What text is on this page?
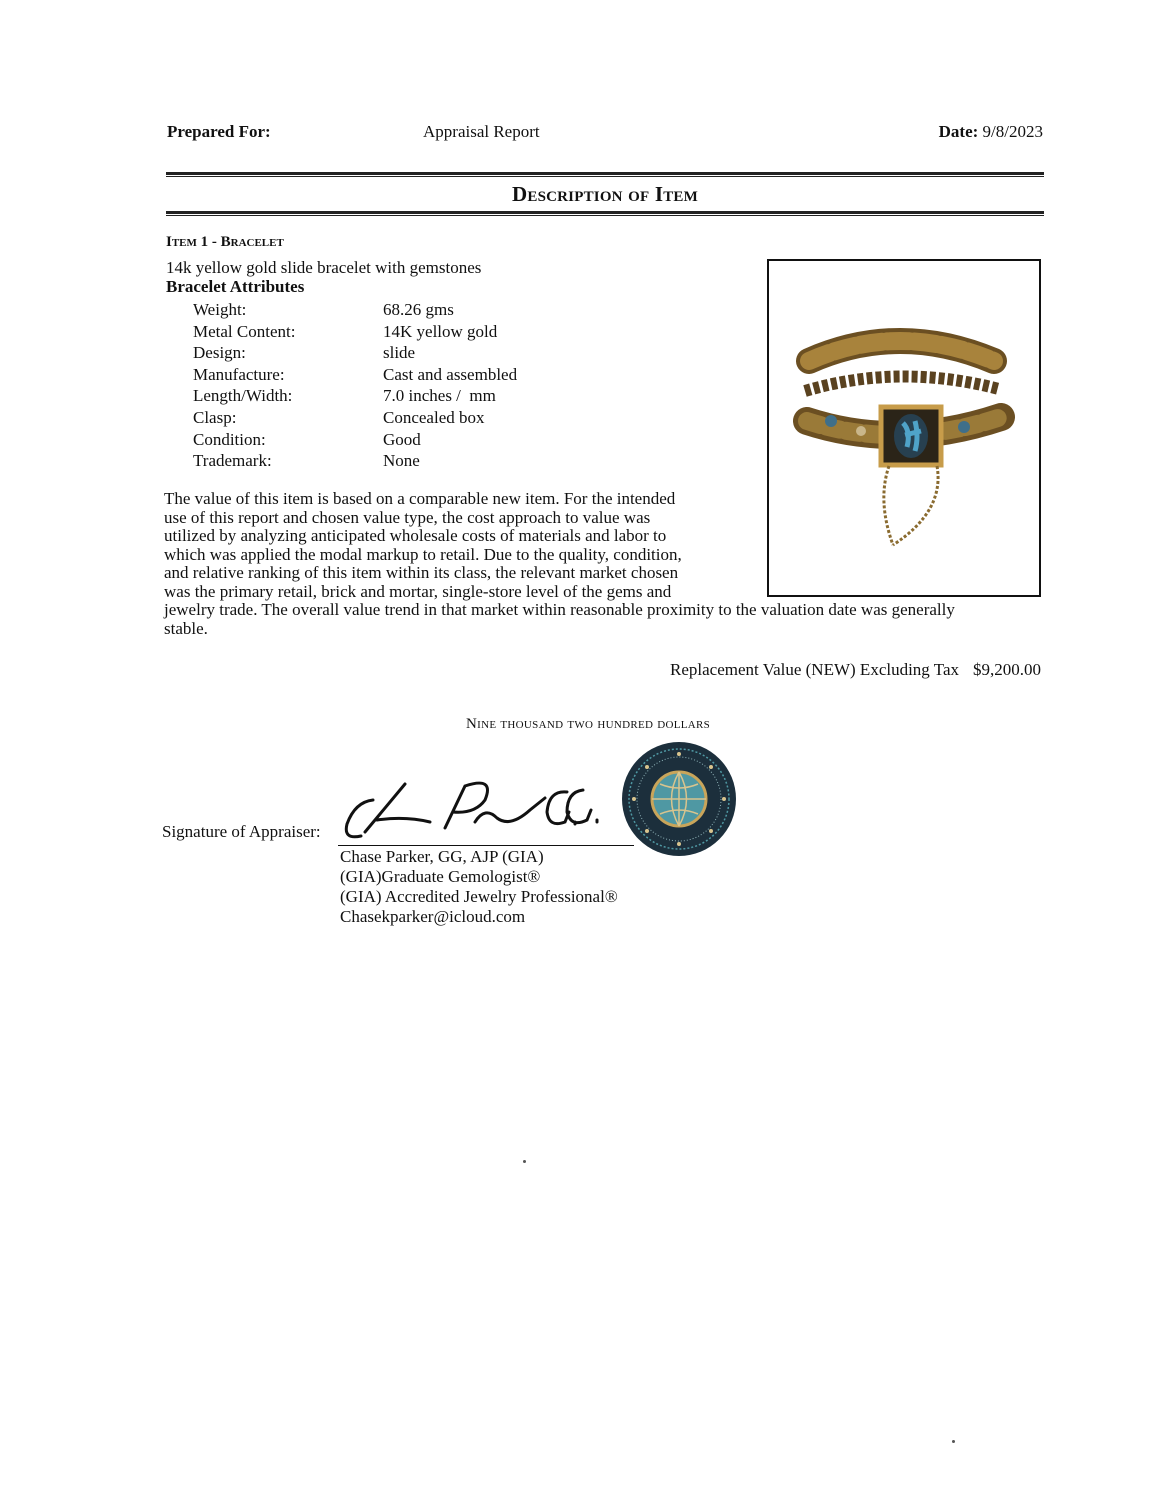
Prepared For:	Appraisal Report	Date: 9/8/2023
Description of Item
Item 1 - Bracelet
14k yellow gold slide bracelet with gemstones
Bracelet Attributes
Weight:	68.26 gms
Metal Content:	14K yellow gold
Design:	slide
Manufacture:	Cast and assembled
Length/Width:	7.0 inches /  mm
Clasp:	Concealed box
Condition:	Good
Trademark:	None
The value of this item is based on a comparable new item. For the intended
use of this report and chosen value type, the cost approach to value was
utilized by analyzing anticipated wholesale costs of materials and labor to
which was applied the modal markup to retail. Due to the quality, condition,
and relative ranking of this item within its class, the relevant market chosen
was the primary retail, brick and mortar, single-store level of the gems and
jewelry trade. The overall value trend in that market within reasonable proximity to the valuation date was generally
stable.
Replacement Value (NEW) Excluding Tax $9,200.00
Nine thousand two hundred dollars
Signature of Appraiser:
Chase Parker, GG, AJP (GIA)
(GIA)Graduate Gemologist®
(GIA) Accredited Jewelry Professional®
Chasekparker@icloud.com
